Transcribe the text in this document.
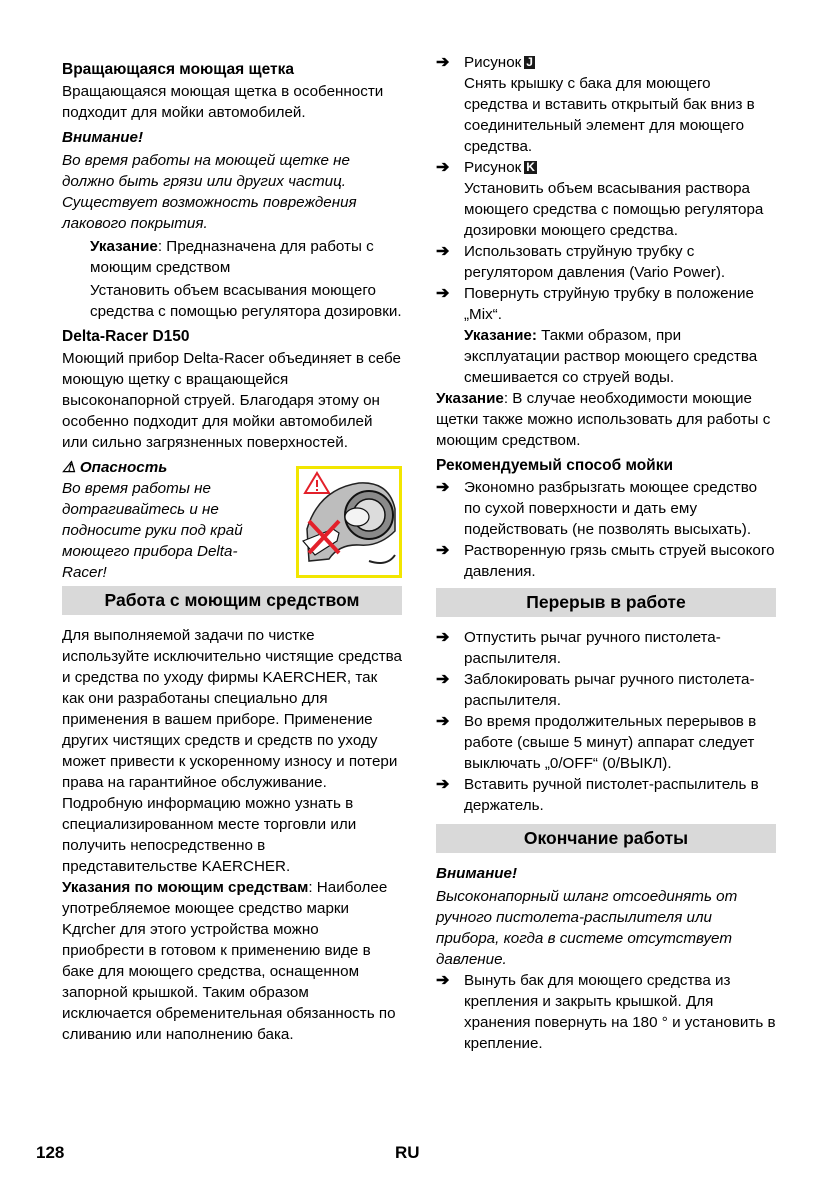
Вращающаяся моющая щетка

Вращающаяся моющая щетка в особенности подходит для мойки автомобилей.

Внимание!

Во время работы на моющей щетке не должно быть грязи или других частиц. Существует возможность повреждения лакового покрытия.

Указание: Предназначена для работы с моющим средством

Установить объем всасывания моющего средства с помощью регулятора дозировки.

Delta-Racer D150

Моющий прибор Delta-Racer объединяет в себе моющую щетку с вращающейся высоконапорной струей. Благодаря этому он особенно подходит для мойки автомобилей или сильно загрязненных поверхностей.

⚠ Опасность

Во время работы не дотрагивайтесь и не подносите руки под край моющего прибора Delta-Racer!

Работа с моющим средством

Для выполняемой задачи по чистке используйте исключительно чистящие средства и средства по уходу фирмы KAERCHER, так как они разработаны специально для применения в вашем приборе. Применение других чистящих средств и средств по уходу может привести к ускоренному износу и потери права на гарантийное обслуживание. Подробную информацию можно узнать в специализированном месте торговли или получить непосредственно в представительстве KAERCHER.

Указания по моющим средствам: Наиболее употребляемое моющее средство марки Kдrcher для этого устройства можно приобрести в готовом к применению виде в баке для моющего средства, оснащенном запорной крышкой. Таким образом исключается обременительная обязанность по сливанию или наполнению бака.

➔ Рисунок J

Снять крышку с бака для моющего средства и вставить открытый бак вниз в соединительный элемент для моющего средства.

➔ Рисунок K

Установить объем всасывания раствора моющего средства с помощью регулятора дозировки моющего средства.

➔ Использовать струйную трубку с регулятором давления (Vario Power).
➔ Повернуть струйную трубку в положение „Mix“.

Указание: Такми образом, при эксплуатации раствор моющего средства смешивается со струей воды.

Указание: В случае необходимости моющие щетки также можно использовать для работы с моющим средством.

Рекомендуемый способ мойки
➔ Экономно разбрызгать моющее средство по сухой поверхности и дать ему подействовать (не позволять высыхать).
➔ Растворенную грязь смыть струей высокого давления.
Перерыв в работе
➔ Отпустить рычаг ручного пистолета-распылителя.
➔ Заблокировать рычаг ручного пистолета-распылителя.
➔ Во время продолжительных перерывов в работе (свыше 5 минут) аппарат следует выключать „0/OFF“ (0/ВЫКЛ).
➔ Вставить ручной пистолет-распылитель в держатель.
Окончание работы

Внимание!

Высоконапорный шланг отсоединять от ручного пистолета-распылителя или прибора, когда в системе отсутствует давление.

➔ Вынуть бак для моющего средства из крепления и закрыть крышкой. Для хранения повернуть на 180 ° и установить в крепление.
128	RU
